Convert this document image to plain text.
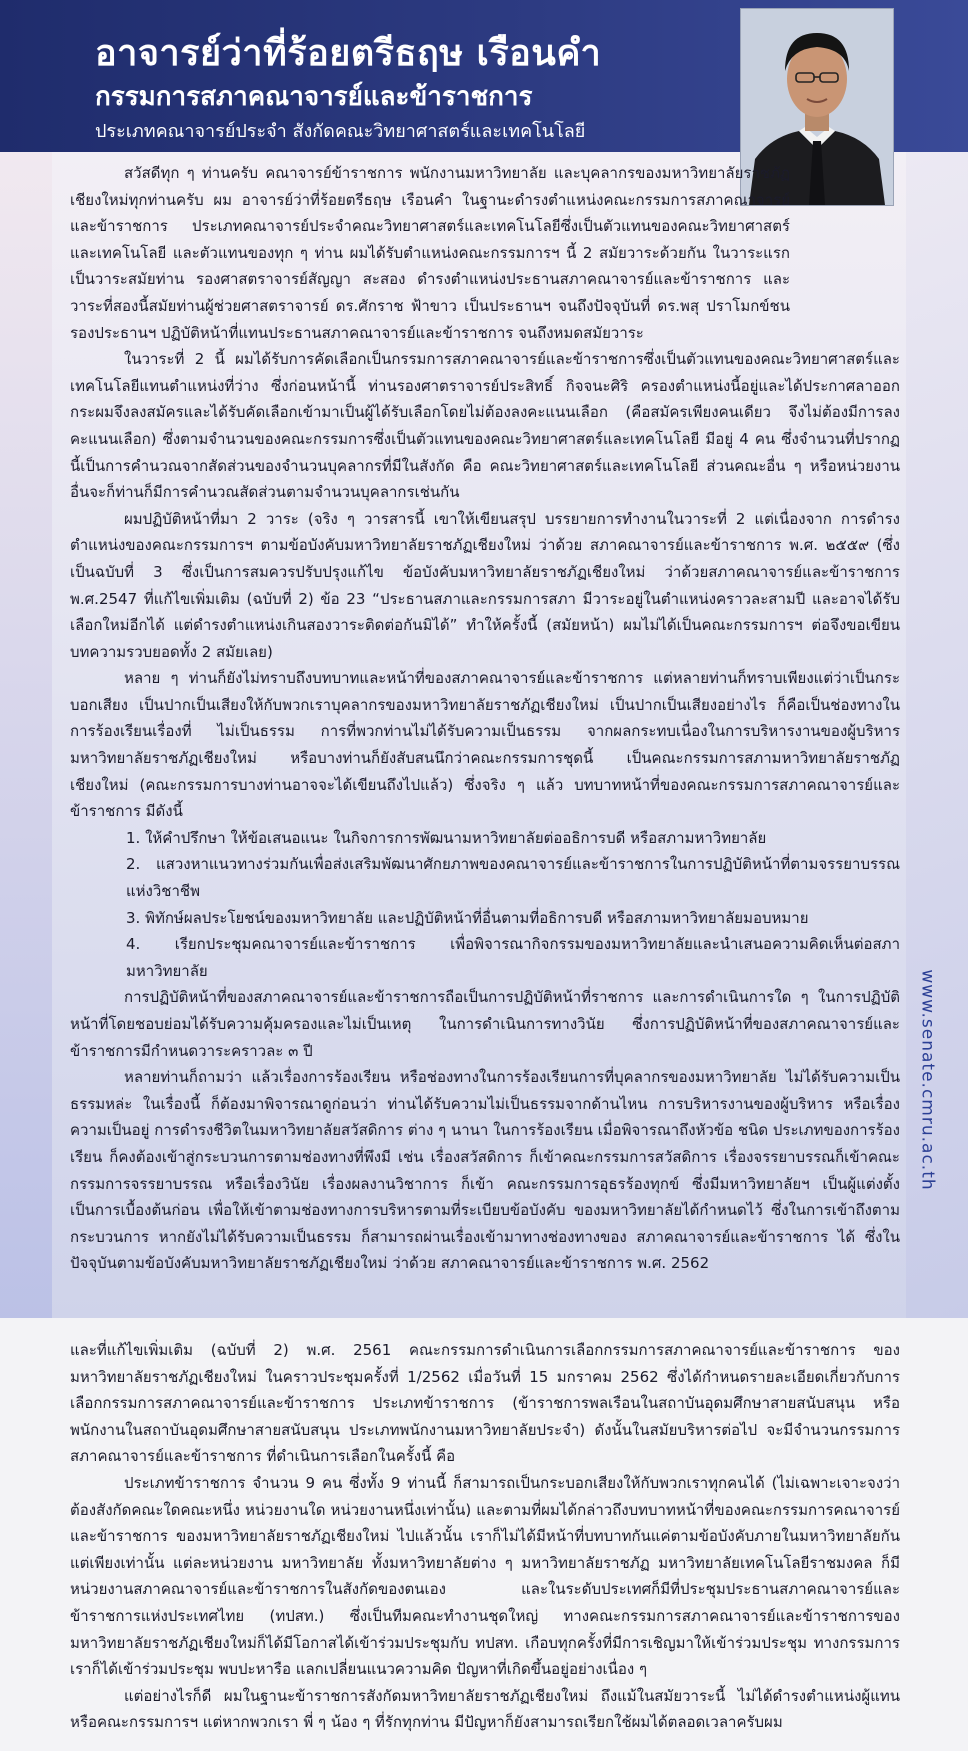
อาจารย์ว่าที่ร้อยตรีธฤษ เรือนคำ
กรรมการสภาคณาจารย์และข้าราชการ

ประเภทคณาจารย์ประจำ สังกัดคณะวิทยาศาสตร์และเทคโนโลยี

www.senate.cmru.ac.th

สวัสดีทุก ๆ ท่านครับ คณาจารย์ข้าราชการ พนักงานมหาวิทยาลัย และบุคลากรของมหาวิทยาลัยราชภัฏเชียงใหม่ทุกท่านครับ ผม อาจารย์ว่าที่ร้อยตรีธฤษ เรือนคำ ในฐานะดำรงตำแหน่งคณะกรรมการสภาคณาจารย์และข้าราชการ ประเภทคณาจารย์ประจำคณะวิทยาศาสตร์และเทคโนโลยีซึ่งเป็นตัวแทนของคณะวิทยาศาสตร์และเทคโนโลยี และตัวแทนของทุก ๆ ท่าน ผมได้รับตำแหน่งคณะกรรมการฯ นี้ 2 สมัยวาระด้วยกัน ในวาระแรกเป็นวาระสมัยท่าน รองศาสตราจารย์สัญญา สะสอง ดำรงตำแหน่งประธานสภาคณาจารย์และข้าราชการ และวาระที่สองนี้สมัยท่านผู้ช่วยศาสตราจารย์ ดร.ศักราช ฟ้าขาว เป็นประธานฯ จนถึงปัจจุบันที่ ดร.พสุ ปราโมกข์ชน รองประธานฯ ปฏิบัติหน้าที่แทนประธานสภาคณาจารย์และข้าราชการ จนถึงหมดสมัยวาระ

ในวาระที่ 2 นี้ ผมได้รับการคัดเลือกเป็นกรรมการสภาคณาจารย์และข้าราชการซึ่งเป็นตัวแทนของคณะวิทยาศาสตร์และเทคโนโลยีแทนตำแหน่งที่ว่าง ซึ่งก่อนหน้านี้ ท่านรองศาตราจารย์ประสิทธิ์ กิจจนะศิริ ครองตำแหน่งนี้อยู่และได้ประกาศลาออก กระผมจึงลงสมัครและได้รับคัดเลือกเข้ามาเป็นผู้ได้รับเลือกโดยไม่ต้องลงคะแนนเลือก (คือสมัครเพียงคนเดียว จึงไม่ต้องมีการลงคะแนนเลือก) ซึ่งตามจำนวนของคณะกรรมการซึ่งเป็นตัวแทนของคณะวิทยาศาสตร์และเทคโนโลยี มีอยู่ 4 คน ซึ่งจำนวนที่ปรากฏนี้เป็นการคำนวณจากสัดส่วนของจำนวนบุคลากรที่มีในสังกัด คือ คณะวิทยาศาสตร์และเทคโนโลยี ส่วนคณะอื่น ๆ หรือหน่วยงานอื่นจะก็ท่านก็มีการคำนวณสัดส่วนตามจำนวนบุคลากรเช่นกัน

ผมปฏิบัติหน้าที่มา 2 วาระ (จริง ๆ วารสารนี้ เขาให้เขียนสรุป บรรยายการทำงานในวาระที่ 2 แต่เนื่องจาก การดำรงตำแหน่งของคณะกรรมการฯ ตามข้อบังคับมหาวิทยาลัยราชภัฏเชียงใหม่ ว่าด้วย สภาคณาจารย์และข้าราชการ พ.ศ. ๒๕๕๙ (ซึ่งเป็นฉบับที่ 3 ซึ่งเป็นการสมควรปรับปรุงแก้ไข ข้อบังคับมหาวิทยาลัยราชภัฏเชียงใหม่ ว่าด้วยสภาคณาจารย์และข้าราชการ พ.ศ.2547 ที่แก้ไขเพิ่มเติม (ฉบับที่ 2) ข้อ 23 “ประธานสภาและกรรมการสภา มีวาระอยู่ในตำแหน่งคราวละสามปี และอาจได้รับเลือกใหม่อีกได้ แต่ดำรงตำแหน่งเกินสองวาระติดต่อกันมิได้” ทำให้ครั้งนี้ (สมัยหน้า) ผมไม่ได้เป็นคณะกรรมการฯ ต่อจึงขอเขียนบทความรวบยอดทั้ง 2 สมัยเลย)

หลาย ๆ ท่านก็ยังไม่ทราบถึงบทบาทและหน้าที่ของสภาคณาจารย์และข้าราชการ แต่หลายท่านก็ทราบเพียงแต่ว่าเป็นกระบอกเสียง เป็นปากเป็นเสียงให้กับพวกเราบุคลากรของมหาวิทยาลัยราชภัฏเชียงใหม่ เป็นปากเป็นเสียงอย่างไร ก็คือเป็นช่องทางในการร้องเรียนเรื่องที่ ไม่เป็นธรรม การที่พวกท่านไม่ได้รับความเป็นธรรม จากผลกระทบเนื่องในการบริหารงานของผู้บริหารมหาวิทยาลัยราชภัฏเชียงใหม่ หรือบางท่านก็ยังสับสนนึกว่าคณะกรรมการชุดนี้ เป็นคณะกรรมการสภามหาวิทยาลัยราชภัฏเชียงใหม่ (คณะกรรมการบางท่านอาจจะได้เขียนถึงไปแล้ว) ซึ่งจริง ๆ แล้ว บทบาทหน้าที่ของคณะกรรมการสภาคณาจารย์และข้าราชการ มีดังนี้

1. ให้คำปรึกษา ให้ข้อเสนอแนะ ในกิจการการพัฒนามหาวิทยาลัยต่ออธิการบดี หรือสภามหาวิทยาลัย

2. แสวงหาแนวทางร่วมกันเพื่อส่งเสริมพัฒนาศักยภาพของคณาจารย์และข้าราชการในการปฏิบัติหน้าที่ตามจรรยาบรรณแห่งวิชาชีพ

3. พิทักษ์ผลประโยชน์ของมหาวิทยาลัย และปฏิบัติหน้าที่อื่นตามที่อธิการบดี หรือสภามหาวิทยาลัยมอบหมาย

4. เรียกประชุมคณาจารย์และข้าราชการ เพื่อพิจารณากิจกรรมของมหาวิทยาลัยและนำเสนอความคิดเห็นต่อสภามหาวิทยาลัย

การปฏิบัติหน้าที่ของสภาคณาจารย์และข้าราชการถือเป็นการปฏิบัติหน้าที่ราชการ และการดำเนินการใด ๆ ในการปฏิบัติหน้าที่โดยชอบย่อมได้รับความคุ้มครองและไม่เป็นเหตุ ในการดำเนินการทางวินัย ซึ่งการปฏิบัติหน้าที่ของสภาคณาจารย์และข้าราชการมีกำหนดวาระคราวละ ๓ ปี

หลายท่านก็ถามว่า แล้วเรื่องการร้องเรียน หรือช่องทางในการร้องเรียนการที่บุคลากรของมหาวิทยาลัย ไม่ได้รับความเป็นธรรมหล่ะ ในเรื่องนี้ ก็ต้องมาพิจารณาดูก่อนว่า ท่านได้รับความไม่เป็นธรรมจากด้านไหน การบริหารงานของผู้บริหาร หรือเรื่องความเป็นอยู่ การดำรงชีวิตในมหาวิทยาลัยสวัสดิการ ต่าง ๆ นานา ในการร้องเรียน เมื่อพิจารณาถึงหัวข้อ ชนิด ประเภทของการร้องเรียน ก็คงต้องเข้าสู่กระบวนการตามช่องทางที่พึงมี เช่น เรื่องสวัสดิการ ก็เข้าคณะกรรมการสวัสดิการ เรื่องจรรยาบรรณก็เข้าคณะกรรมการจรรยาบรรณ หรือเรื่องวินัย เรื่องผลงานวิชาการ ก็เข้า คณะกรรมการอุธรร้องทุกข์ ซึ่งมีมหาวิทยาลัยฯ เป็นผู้แต่งตั้ง เป็นการเบื้องต้นก่อน เพื่อให้เข้าตามช่องทางการบริหารตามที่ระเบียบข้อบังคับ ของมหาวิทยาลัยได้กำหนดไว้ ซึ่งในการเข้าถึงตามกระบวนการ หากยังไม่ได้รับความเป็นธรรม ก็สามารถผ่านเรื่องเข้ามาทางช่องทางของ สภาคณาจารย์และข้าราชการ ได้ ซึ่งในปัจจุบันตามข้อบังคับมหาวิทยาลัยราชภัฏเชียงใหม่ ว่าด้วย สภาคณาจารย์และข้าราชการ พ.ศ. 2562

และที่แก้ไขเพิ่มเติม (ฉบับที่ 2) พ.ศ. 2561 คณะกรรมการดำเนินการเลือกกรรมการสภาคณาจารย์และข้าราชการ ของมหาวิทยาลัยราชภัฏเชียงใหม่ ในคราวประชุมครั้งที่ 1/2562 เมื่อวันที่ 15 มกราคม 2562 ซึ่งได้กำหนดรายละเอียดเกี่ยวกับการเลือกกรรมการสภาคณาจารย์และข้าราชการ ประเภทข้าราชการ (ข้าราชการพลเรือนในสถาบันอุดมศึกษาสายสนับสนุน หรือพนักงานในสถาบันอุดมศึกษาสายสนับสนุน ประเภทพนักงานมหาวิทยาลัยประจำ) ดังนั้นในสมัยบริหารต่อไป จะมีจำนวนกรรมการสภาคณาจารย์และข้าราชการ ที่ดำเนินการเลือกในครั้งนี้ คือ

ประเภทข้าราชการ จำนวน 9 คน ซึ่งทั้ง 9 ท่านนี้ ก็สามารถเป็นกระบอกเสียงให้กับพวกเราทุกคนได้ (ไม่เฉพาะเจาะจงว่าต้องสังกัดคณะใดคณะหนึ่ง หน่วยงานใด หน่วยงานหนึ่งเท่านั้น) และตามที่ผมได้กล่าวถึงบทบาทหน้าที่ของคณะกรรมการคณาจารย์และข้าราชการ ของมหาวิทยาลัยราชภัฏเชียงใหม่ ไปแล้วนั้น เราก็ไม่ได้มีหน้าที่บทบาทกันแค่ตามข้อบังคับภายในมหาวิทยาลัยกันแต่เพียงเท่านั้น แต่ละหน่วยงาน มหาวิทยาลัย ทั้งมหาวิทยาลัยต่าง ๆ มหาวิทยาลัยราชภัฏ มหาวิทยาลัยเทคโนโลยีราชมงคล ก็มีหน่วยงานสภาคณาจารย์และข้าราชการในสังกัดของตนเอง และในระดับประเทศก็มีที่ประชุมประธานสภาคณาจารย์และข้าราชการแห่งประเทศไทย (ทปสท.) ซึ่งเป็นทีมคณะทำงานชุดใหญ่ ทางคณะกรรมการสภาคณาจารย์และข้าราชการของมหาวิทยาลัยราชภัฏเชียงใหม่ก็ได้มีโอกาสได้เข้าร่วมประชุมกับ ทปสท. เกือบทุกครั้งที่มีการเชิญมาให้เข้าร่วมประชุม ทางกรรมการเราก็ได้เข้าร่วมประชุม พบปะหารือ แลกเปลี่ยนแนวความคิด ปัญหาที่เกิดขึ้นอยู่อย่างเนื่อง ๆ

แต่อย่างไรก็ดี ผมในฐานะข้าราชการสังกัดมหาวิทยาลัยราชภัฏเชียงใหม่ ถึงแม้ในสมัยวาระนี้ ไม่ได้ดำรงตำแหน่งผู้แทนหรือคณะกรรมการฯ แต่หากพวกเรา พี่ ๆ น้อง ๆ ที่รักทุกท่าน มีปัญหาก็ยังสามารถเรียกใช้ผมได้ตลอดเวลาครับผม
